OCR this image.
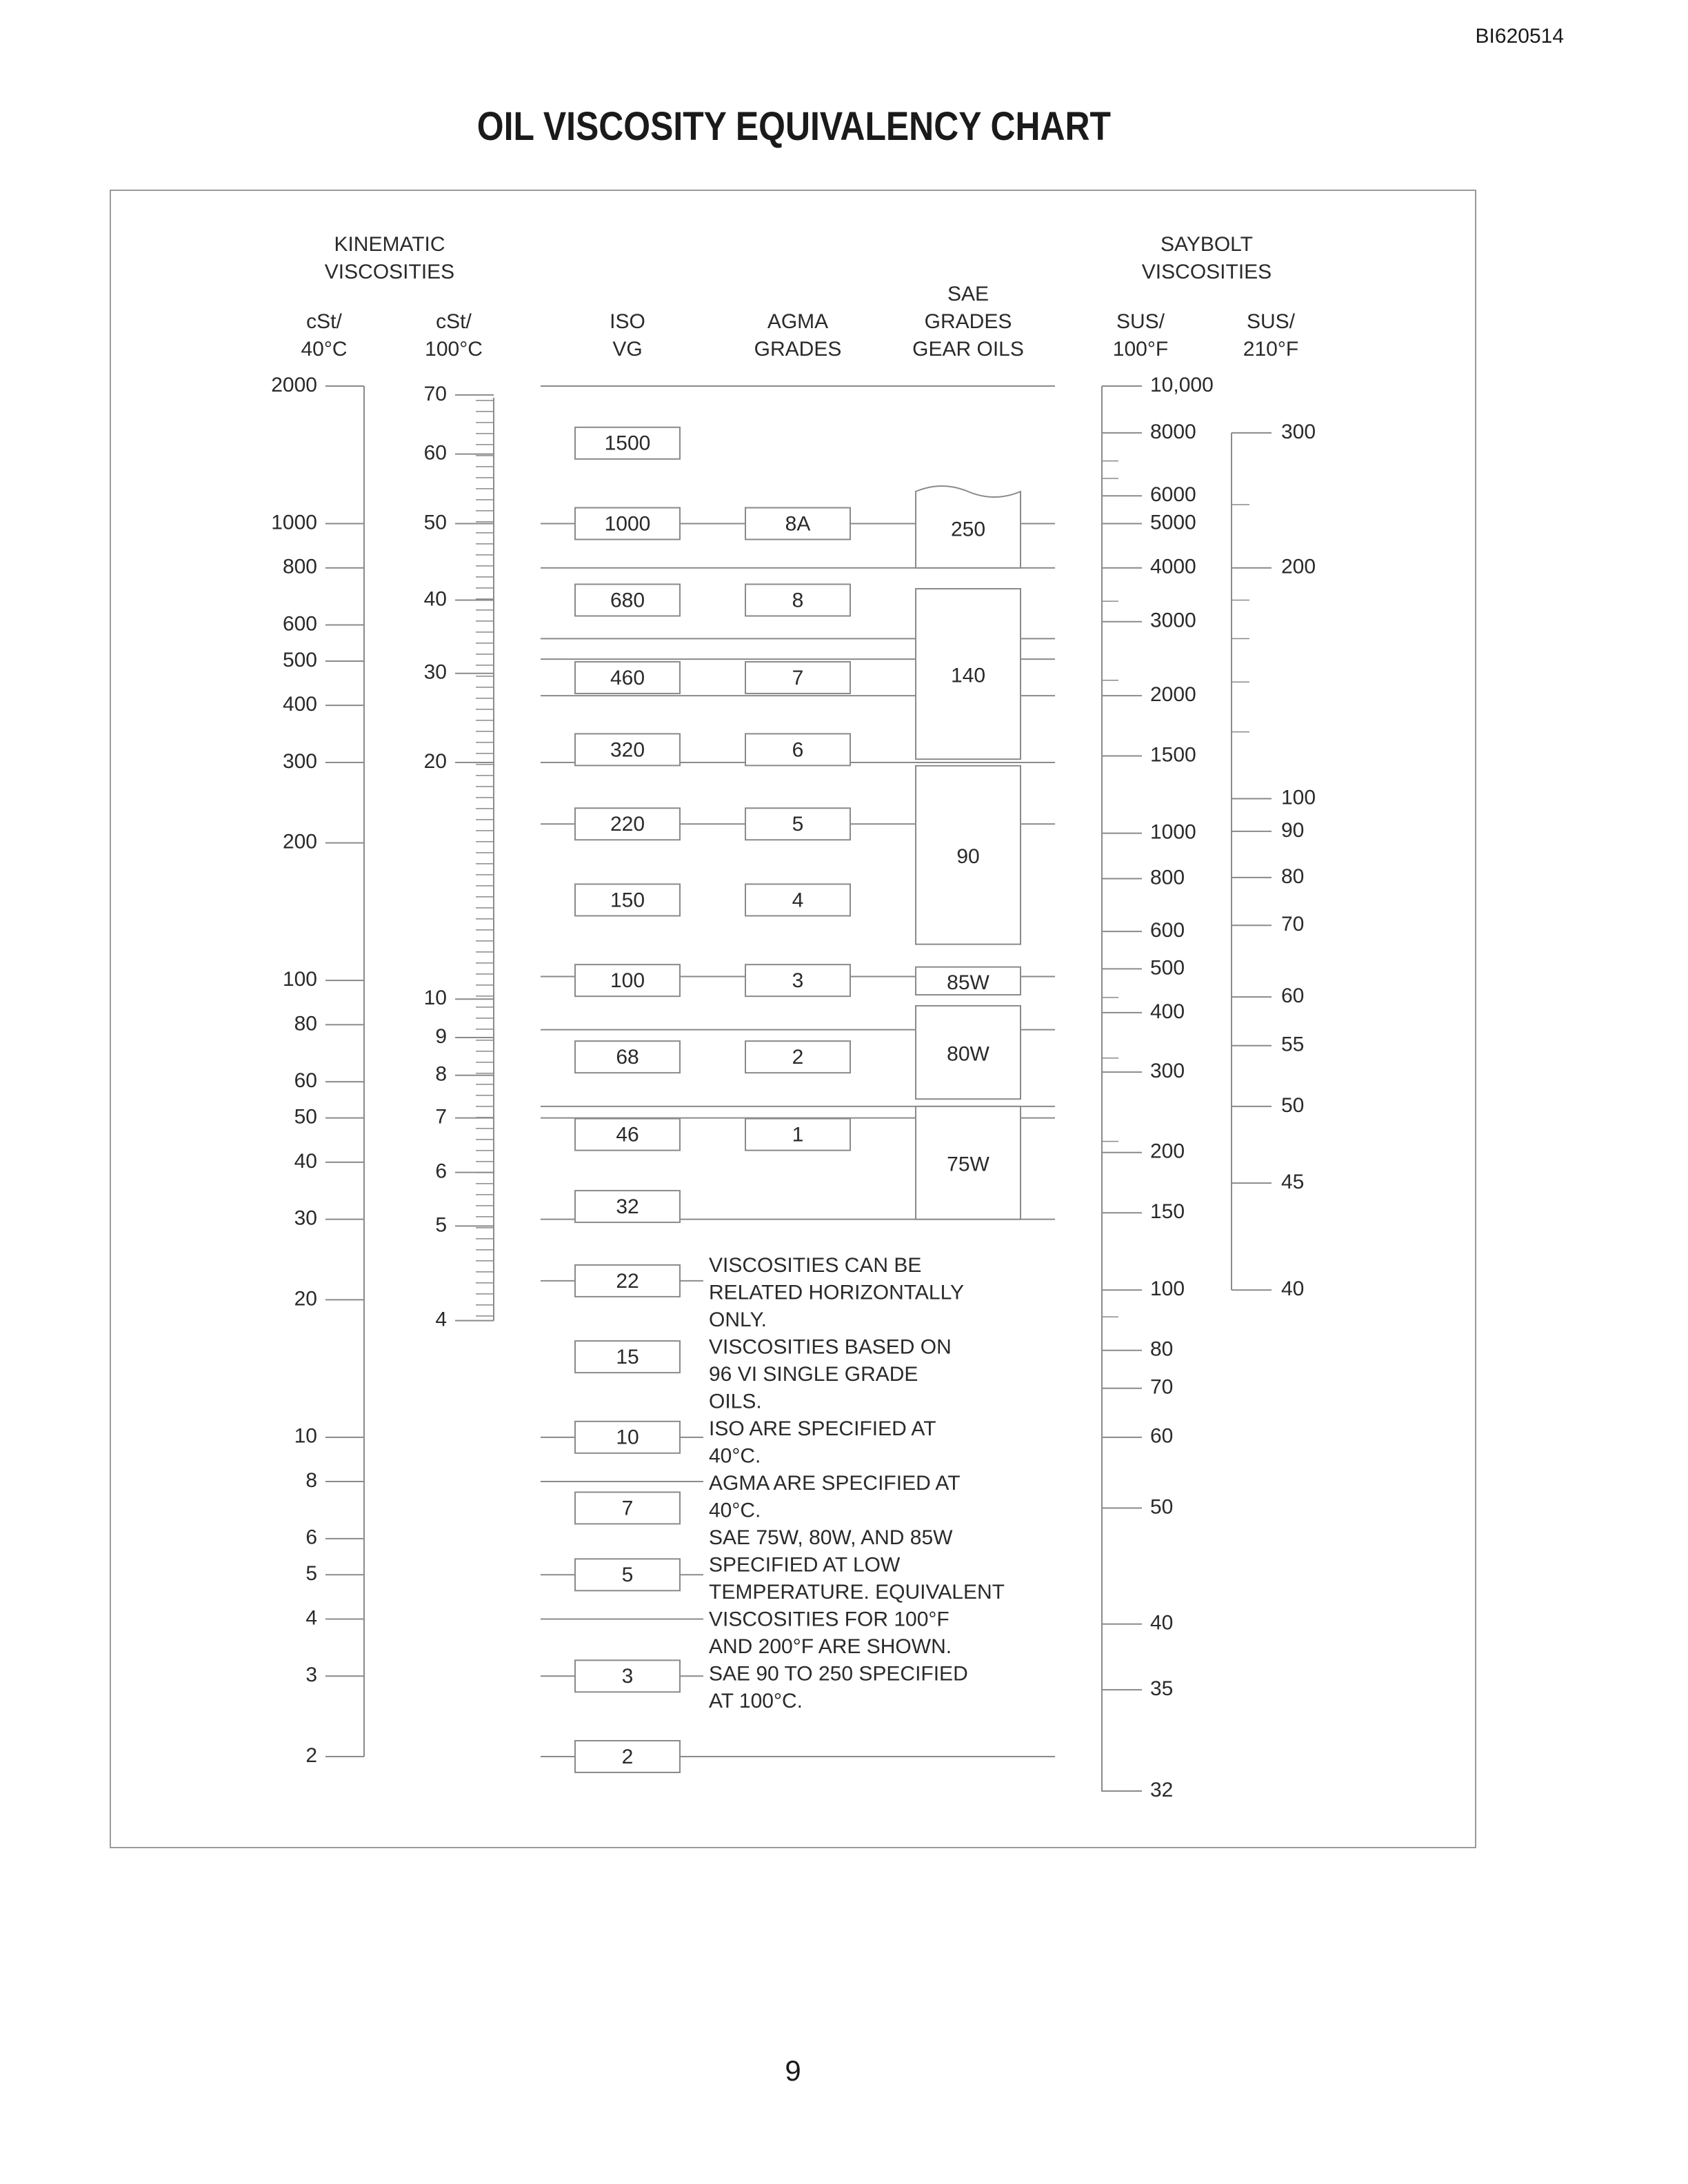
BI620514
OIL VISCOSITY EQUIVALENCY CHART
KINEMATIC
VISCOSITIES
SAYBOLT
VISCOSITIES
cSt/
40°C
cSt/
100°C
ISO
VG
AGMA
GRADES
SAE
GRADES
GEAR OILS
SUS/
100°F
SUS/
210°F
2000
1000
800
600
500
400
300
200
100
80
60
50
40
30
20
10
8
6
5
4
3
2
70
60
50
40
30
20
10
9
8
7
6
5
4
1500
1000
680
460
320
220
150
100
68
46
32
22
15
10
7
5
3
2
8A
8
7
6
5
4
3
2
1
250
140
90
85W
80W
75W
VISCOSITIES CAN BE
RELATED HORIZONTALLY
ONLY.
VISCOSITIES BASED ON
96 VI SINGLE GRADE
OILS.
ISO ARE SPECIFIED AT
40°C.
AGMA ARE SPECIFIED AT
40°C.
SAE 75W, 80W, AND 85W
SPECIFIED AT LOW
TEMPERATURE. EQUIVALENT
VISCOSITIES FOR 100°F
AND 200°F ARE SHOWN.
SAE 90 TO 250 SPECIFIED
AT 100°C.
10,000
8000
6000
5000
4000
3000
2000
1500
1000
800
600
500
400
300
200
150
100
80
70
60
50
40
35
32
300
200
100
90
80
70
60
55
50
45
40
9
